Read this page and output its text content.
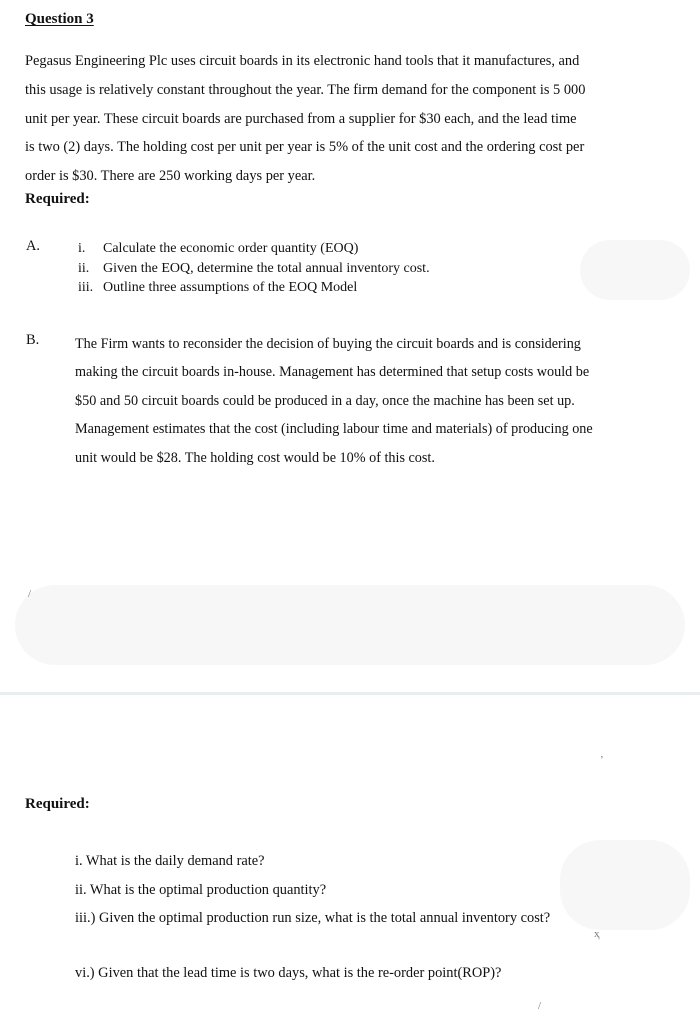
Question 3
Pegasus Engineering Plc uses circuit boards in its electronic hand tools that it manufactures, and
this usage is relatively constant throughout the year. The firm demand for the component is 5 000
unit per year. These circuit boards are purchased from a supplier for $30 each, and the lead time
is two (2) days. The holding cost per unit per year is 5% of the unit cost and the ordering cost per
order is $30. There are 250 working days per year.
Required:
A.	i. Calculate the economic order quantity (EOQ)
ii. Given the EOQ, determine the total annual inventory cost.
iii. Outline three assumptions of the EOQ Model
B.	The Firm wants to reconsider the decision of buying the circuit boards and is considering
making the circuit boards in-house. Management has determined that setup costs would be
$50 and 50 circuit boards could be produced in a day, once the machine has been set up.
Management estimates that the cost (including labour time and materials) of producing one
unit would be $28. The holding cost would be 10% of this cost.
/
‚
Required:
i. What is the daily demand rate?
ii. What is the optimal production quantity?
iii.) Given the optimal production run size, what is the total annual inventory cost?
vi.) Given that the lead time is two days, what is the re-order point(ROP)?
ҳ
/
